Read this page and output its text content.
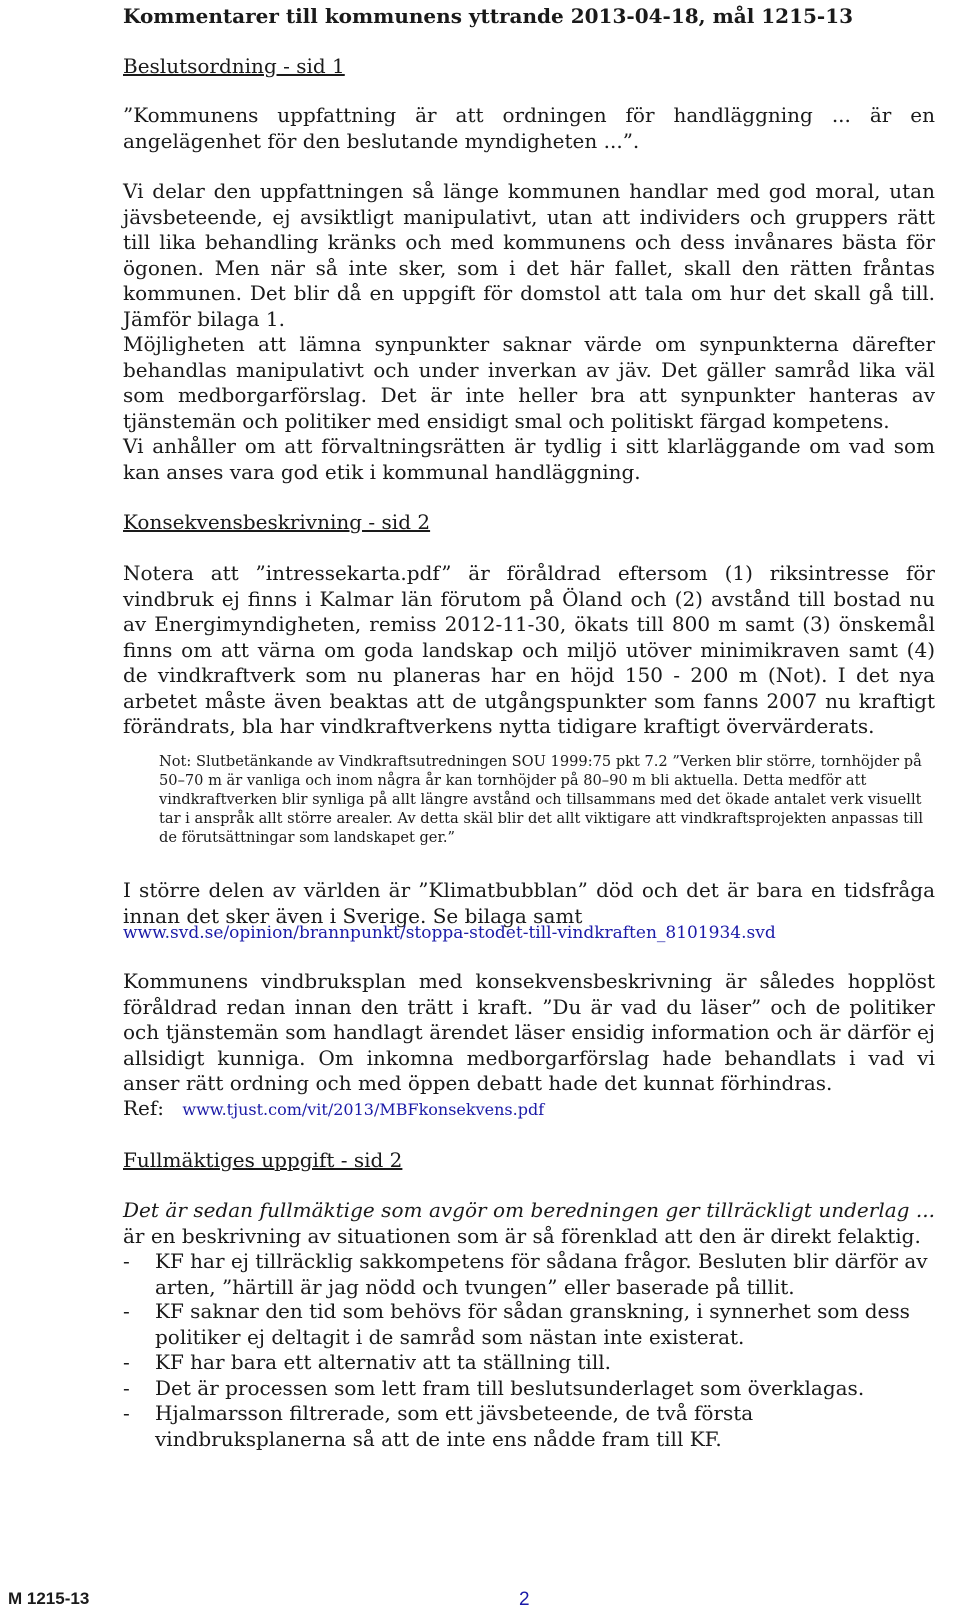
Kommentarer till kommunens yttrande 2013-04-18, mål 1215-13
Beslutsordning - sid 1
”Kommunens uppfattning är att ordningen för handläggning ... är en angelägenhet för den beslutande myndigheten ...”.
Vi delar den uppfattningen så länge kommunen handlar med god moral, utan jävsbeteende, ej avsiktligt manipulativt, utan att individers och gruppers rätt till lika behandling kränks och med kommunens och dess invånares bästa för ögonen. Men när så inte sker, som i det här fallet, skall den rätten fråntas kommunen. Det blir då en uppgift för domstol att tala om hur det skall gå till. Jämför bilaga 1.
Möjligheten att lämna synpunkter saknar värde om synpunkterna därefter behandlas manipulativt och under inverkan av jäv. Det gäller samråd lika väl som medborgarförslag. Det är inte heller bra att synpunkter hanteras av tjänstemän och politiker med ensidigt smal och politiskt färgad kompetens.
Vi anhåller om att förvaltningsrätten är tydlig i sitt klarläggande om vad som kan anses vara god etik i kommunal handläggning.
Konsekvensbeskrivning - sid 2
Notera att ”intressekarta.pdf” är föråldrad eftersom (1) riksintresse för vindbruk ej finns i Kalmar län förutom på Öland och (2) avstånd till bostad nu av Energimyndigheten, remiss 2012-11-30, ökats till 800 m samt (3) önskemål finns om att värna om goda landskap och miljö utöver minimikraven samt (4) de vindkraftverk som nu planeras har en höjd 150 - 200 m (Not). I det nya arbetet måste även beaktas att de utgångspunkter som fanns 2007 nu kraftigt förändrats, bla har vindkraftverkens nytta tidigare kraftigt övervärderats.
Not: Slutbetänkande av Vindkraftsutredningen SOU 1999:75 pkt 7.2 ”Verken blir större, tornhöjder på 50–70 m är vanliga och inom några år kan tornhöjder på 80–90 m bli aktuella. Detta medför att vindkraftverken blir synliga på allt längre avstånd och tillsammans med det ökade antalet verk visuellt tar i anspråk allt större arealer. Av detta skäl blir det allt viktigare att vindkraftsprojekten anpassas till de förutsättningar som landskapet ger.”
I större delen av världen är ”Klimatbubblan” död och det är bara en tidsfråga innan det sker även i Sverige. Se bilaga samt
www.svd.se/opinion/brannpunkt/stoppa-stodet-till-vindkraften_8101934.svd
Kommunens vindbruksplan med konsekvensbeskrivning är således hopplöst föråldrad redan innan den trätt i kraft. ”Du är vad du läser” och de politiker och tjänstemän som handlagt ärendet läser ensidig information och är därför ej allsidigt kunniga. Om inkomna medborgarförslag hade behandlats i vad vi anser rätt ordning och med öppen debatt hade det kunnat förhindras.
Ref: www.tjust.com/vit/2013/MBFkonsekvens.pdf
Fullmäktiges uppgift - sid 2
Det är sedan fullmäktige som avgör om beredningen ger tillräckligt underlag ... är en beskrivning av situationen som är så förenklad att den är direkt felaktig.
-	KF har ej tillräcklig sakkompetens för sådana frågor. Besluten blir därför av arten, ”härtill är jag nödd och tvungen” eller baserade på tillit.
-	KF saknar den tid som behövs för sådan granskning, i synnerhet som dess politiker ej deltagit i de samråd som nästan inte existerat.
-	KF har bara ett alternativ att ta ställning till.
-	Det är processen som lett fram till beslutsunderlaget som överklagas.
-	Hjalmarsson filtrerade, som ett jävsbeteende, de två första vindbruksplanerna så att de inte ens nådde fram till KF.
M 1215-13	2
